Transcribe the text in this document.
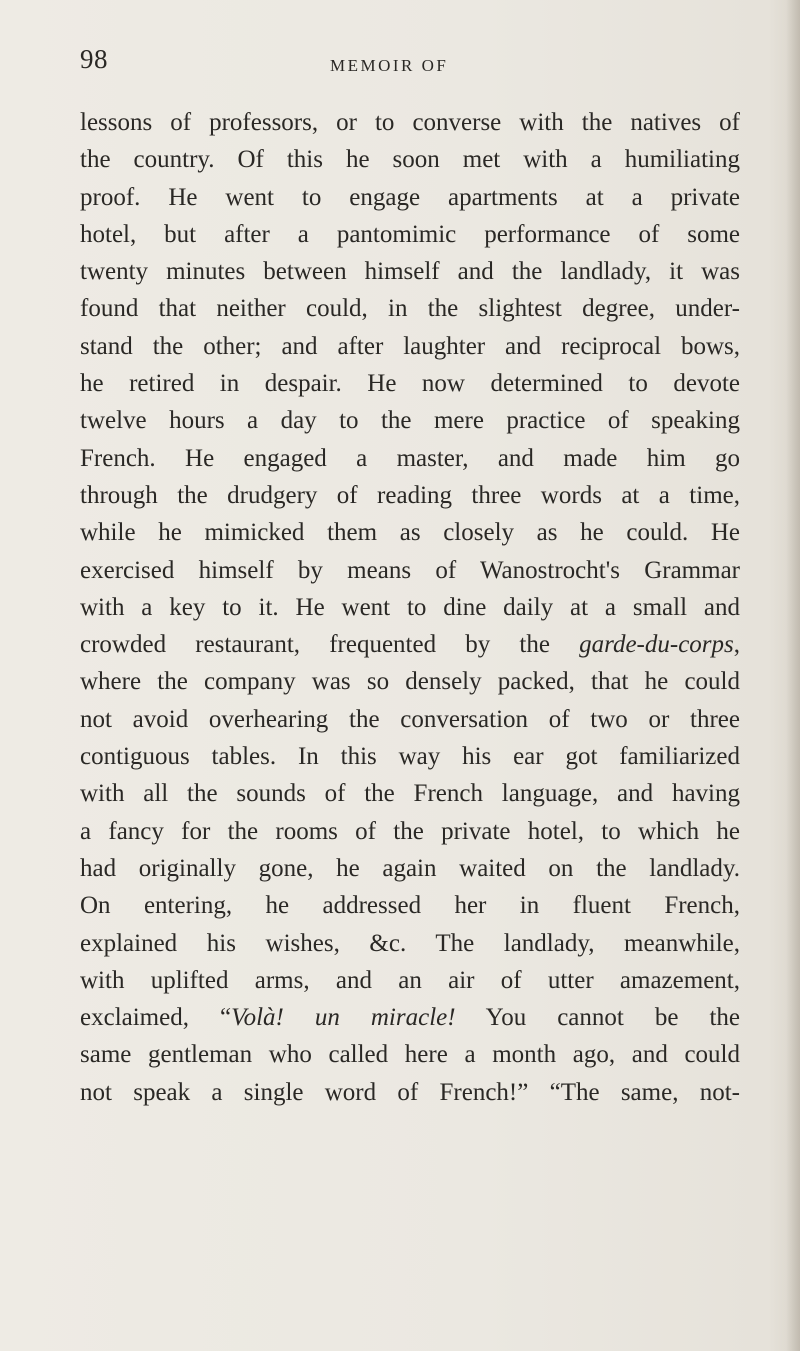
98	MEMOIR OF
lessons of professors, or to converse with the natives of
the country. Of this he soon met with a humiliating
proof. He went to engage apartments at a private
hotel, but after a pantomimic performance of some
twenty minutes between himself and the landlady, it was
found that neither could, in the slightest degree, under-
stand the other; and after laughter and reciprocal bows,
he retired in despair. He now determined to devote
twelve hours a day to the mere practice of speaking
French. He engaged a master, and made him go
through the drudgery of reading three words at a time,
while he mimicked them as closely as he could. He
exercised himself by means of Wanostrocht's Grammar
with a key to it. He went to dine daily at a small and
crowded restaurant, frequented by the garde-du-corps,
where the company was so densely packed, that he could
not avoid overhearing the conversation of two or three
contiguous tables. In this way his ear got familiarized
with all the sounds of the French language, and having
a fancy for the rooms of the private hotel, to which he
had originally gone, he again waited on the landlady.
On entering, he addressed her in fluent French,
explained his wishes, &c. The landlady, meanwhile,
with uplifted arms, and an air of utter amazement,
exclaimed, “Volà! un miracle! You cannot be the
same gentleman who called here a month ago, and could
not speak a single word of French!” “The same, not-
